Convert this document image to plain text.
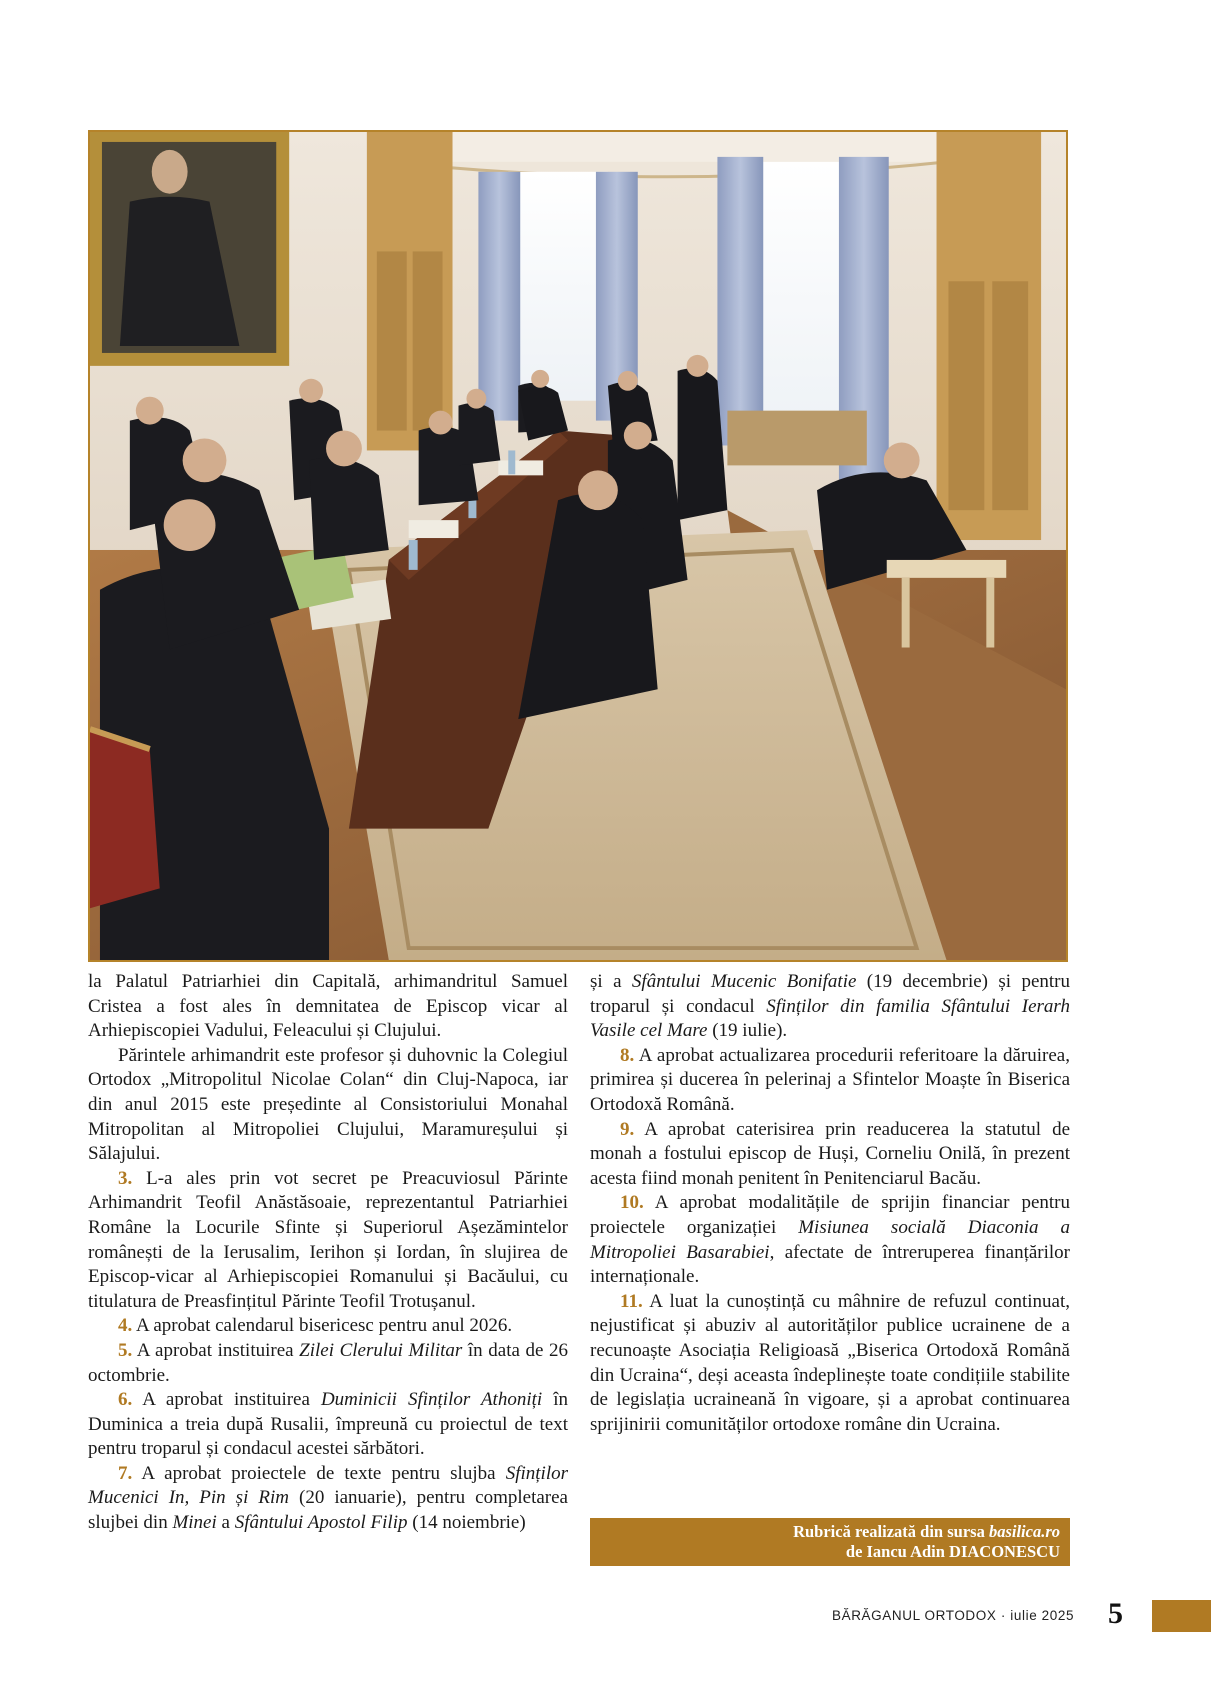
la Palatul Patriarhiei din Capitală, arhimandritul Samuel Cristea a fost ales în demnitatea de Episcop vicar al Arhiepiscopiei Vadului, Feleacului și Clujului.

Părintele arhimandrit este profesor și duhovnic la Colegiul Ortodox „Mitropolitul Nicolae Colan“ din Cluj-Napoca, iar din anul 2015 este președinte al Consistoriului Monahal Mitropolitan al Mitropoliei Clujului, Maramureșului și Sălajului.

3. L-a ales prin vot secret pe Preacuviosul Părinte Arhimandrit Teofil Anăstăsoaie, reprezentantul Patriarhiei Române la Locurile Sfinte și Superiorul Așezămintelor românești de la Ierusalim, Ierihon și Iordan, în slujirea de Episcop-vicar al Arhiepiscopiei Romanului și Bacăului, cu titulatura de Preasfințitul Părinte Teofil Trotușanul.

4. A aprobat calendarul bisericesc pentru anul 2026.

5. A aprobat instituirea Zilei Clerului Militar în data de 26 octombrie.

6. A aprobat instituirea Duminicii Sfinților Athoniți în Duminica a treia după Rusalii, împreună cu proiectul de text pentru troparul și condacul acestei sărbători.

7. A aprobat proiectele de texte pentru slujba Sfinților Mucenici In, Pin și Rim (20 ianuarie), pentru completarea slujbei din Minei a Sfântului Apostol Filip (14 noiembrie)

și a Sfântului Mucenic Bonifatie (19 decembrie) și pentru troparul și condacul Sfinților din familia Sfântului Ierarh Vasile cel Mare (19 iulie).

8. A aprobat actualizarea procedurii referitoare la dăruirea, primirea și ducerea în pelerinaj a Sfintelor Moaște în Biserica Ortodoxă Română.

9. A aprobat caterisirea prin readucerea la statutul de monah a fostului episcop de Huși, Corneliu Onilă, în prezent acesta fiind monah penitent în Penitenciarul Bacău.

10. A aprobat modalitățile de sprijin financiar pentru proiectele organizației Misiunea socială Diaconia a Mitropoliei Basarabiei, afectate de întreruperea finanțărilor internaționale.

11. A luat la cunoștință cu mâhnire de refuzul continuat, nejustificat și abuziv al autorităților publice ucrainene de a recunoaște Asociația Religioasă „Biserica Ortodoxă Română din Ucraina“, deși aceasta îndeplinește toate condițiile stabilite de legislația ucraineană în vigoare, și a aprobat continuarea sprijinirii comunităților ortodoxe române din Ucraina.

Rubrică realizată din sursa basilica.ro
de Iancu Adin DIACONESCU
BĂRĂGANUL ORTODOX · iulie 2025 5
